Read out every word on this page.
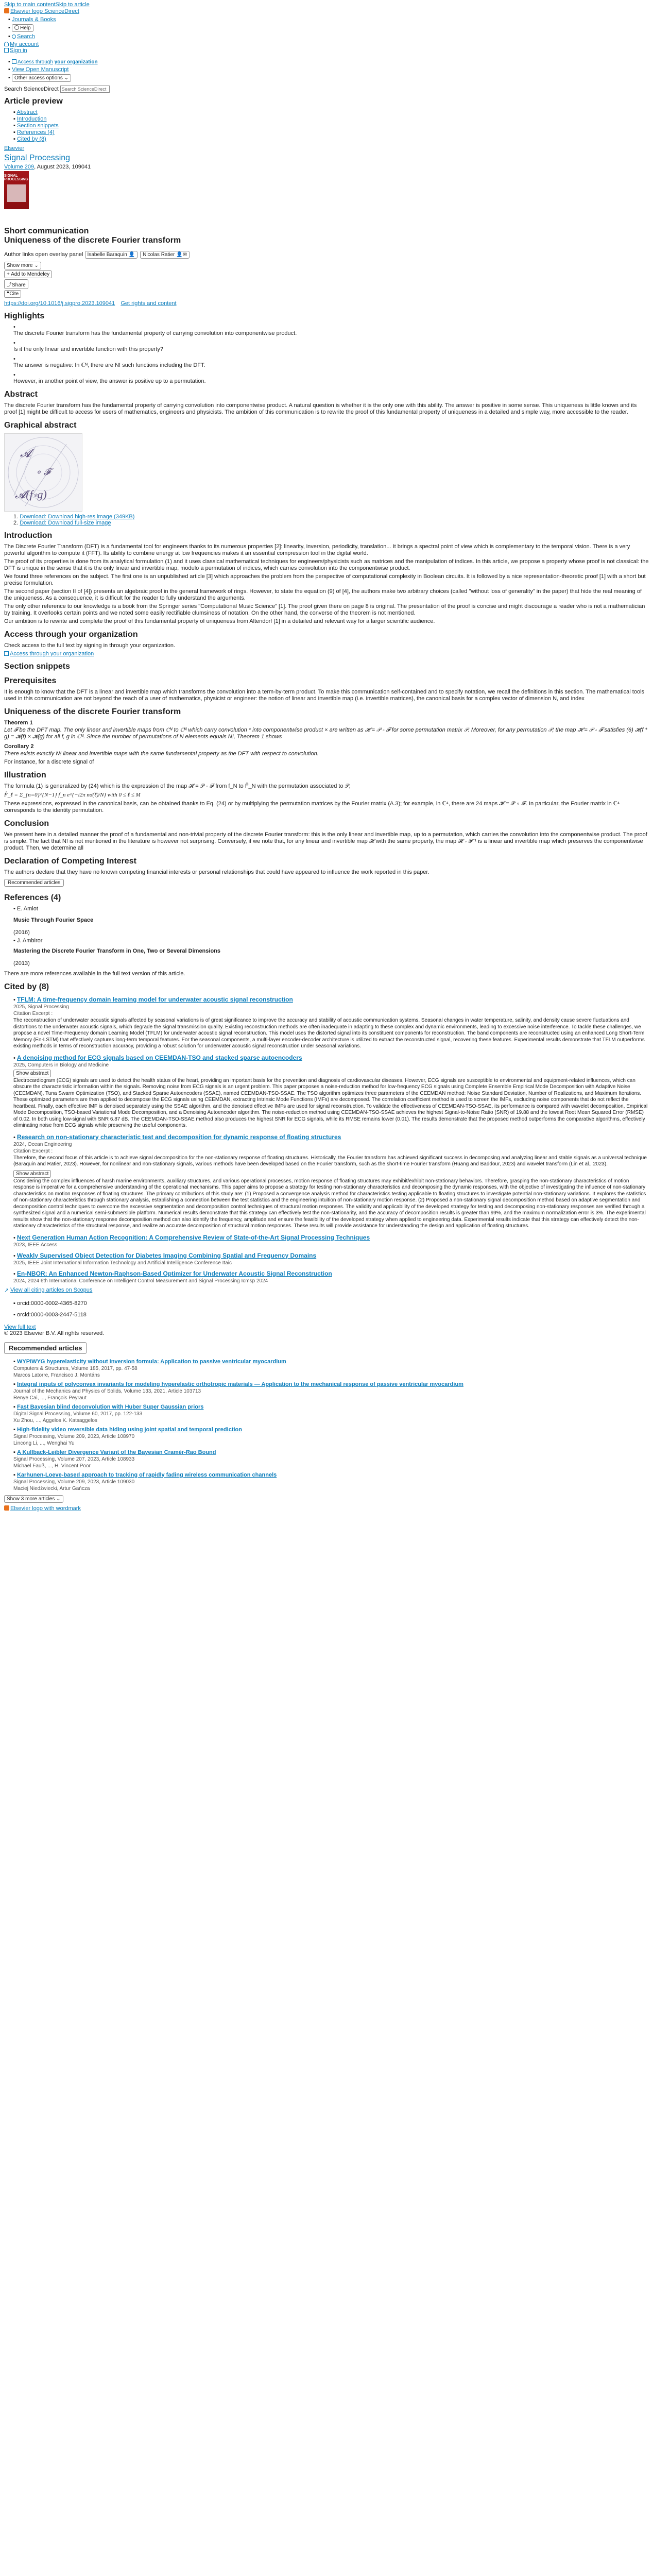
Skip to main contentSkip to article
Elsevier logo ScienceDirect
▪ Journals & Books
▪ Help
▪ Search
My account
Sign in
▪ Access through your organization
▪ View Open Manuscript
▪ Other access options ⌄
Search ScienceDirect Search ScienceDirect
Article preview
▪ Abstract
▪ Introduction
▪ Section snippets
▪ References (4)
▪ Cited by (8)
Elsevier
Signal Processing
Volume 209, August 2023, 109041
SIGNAL PROCESSING
Short communication
Uniqueness of the discrete Fourier transform
Author links open overlay panel Isabelle Baraquin 👤 Nicolas Ratier 👤✉
Show more ⌄
+ Add to Mendeley
⤴Share
❝Cite
https://doi.org/10.1016/j.sigpro.2023.109041 Get rights and content
Highlights
•

The discrete Fourier transform has the fundamental property of carrying convolution into componentwise product.

•

Is it the only linear and invertible function with this property?

•

The answer is negative: In ℂᴺ, there are N! such functions including the DFT.

•

However, in another point of view, the answer is positive up to a permutation.

Abstract

The discrete Fourier transform has the fundamental property of carrying convolution into componentwise product. A natural question is whether it is the only one with this ability. The answer is positive in some sense. This uniqueness is little known and its proof [1] might be difficult to access for users of mathematics, engineers and physicists. The ambition of this communication is to rewrite the proof of this fundamental property of uniqueness in a detailed and simple way, more accessible to the reader.

Graphical abstract
𝓐
∘ 𝓕
𝓐(f∗g)
1. Download: Download high-res image (349KB)
2. Download: Download full-size image
Introduction

The Discrete Fourier Transform (DFT) is a fundamental tool for engineers thanks to its numerous properties [2]: linearity, inversion, periodicity, translation... It brings a spectral point of view which is complementary to the temporal vision. There is a very powerful algorithm to compute it (FFT). Its ability to combine energy at low frequencies makes it an essential compression tool in the digital world.

The proof of its properties is done from its analytical formulation (1) and it uses classical mathematical techniques for engineers/physicists such as matrices and the manipulation of indices. In this article, we propose a property whose proof is not classical: the DFT is unique in the sense that it is the only linear and invertible map, modulo a permutation of indices, which carries convolution into the componentwise product.

We found three references on the subject. The first one is an unpublished article [3] which approaches the problem from the perspective of computational complexity in Boolean circuits. It is followed by a nice representation-theoretic proof [1] with a short but precise formulation.

The second paper (section II of [4]) presents an algebraic proof in the general framework of rings. However, to state the equation (9) of [4], the authors make two arbitrary choices (called "without loss of generality" in the paper) that hide the real meaning of the uniqueness. As a consequence, it is difficult for the reader to fully understand the arguments.

The only other reference to our knowledge is a book from the Springer series "Computational Music Science" [1]. The proof given there on page 8 is original. The presentation of the proof is concise and might discourage a reader who is not a mathematician by training. It overlooks certain points and we noted some easily rectifiable clumsiness of notation. On the other hand, the converse of the theorem is not mentioned.

Our ambition is to rewrite and complete the proof of this fundamental property of uniqueness from Altendorf [1] in a detailed and relevant way for a larger scientific audience.

Access through your organization

Check access to the full text by signing in through your organization.

Access through your organization
Section snippets
Prerequisites

It is enough to know that the DFT is a linear and invertible map which transforms the convolution into a term-by-term product. To make this communication self-contained and to specify notation, we recall the definitions in this section. The mathematical tools used in this communication are not beyond the reach of a user of mathematics, physicist or engineer: the notion of linear and invertible map (i.e. invertible matrices), the canonical basis for a complex vector of dimension N, and index

Uniqueness of the discrete Fourier transform
Theorem 1

Let 𝓕 be the DFT map. The only linear and invertible maps from ℂᴺ to ℂᴺ which carry convolution * into componentwise product × are written as 𝓗 = 𝒫 ∘ 𝓕 for some permutation matrix 𝒫. Moreover, for any permutation 𝒫, the map 𝓗 = 𝒫 ∘ 𝓕 satisfies (6) 𝓗(f * g) = 𝓗(f) × 𝓗(g) for all f, g in ℂᴺ. Since the number of permutations of N elements equals N!, Theorem 1 shows

Corollary 2

There exists exactly N! linear and invertible maps with the same fundamental property as the DFT with respect to convolution.

For instance, for a discrete signal of

Illustration

The formula (1) is generalized by (24) which is the expression of the map 𝓗 = 𝒫 ∘ 𝓕 from f_N to F̂_N with the permutation associated to 𝒫,

F̂_ℓ = Σ_{n=0}^{N−1} f_n e^{−i2π nσ(ℓ)/N} with 0 ≤ ℓ ≤ M

These expressions, expressed in the canonical basis, can be obtained thanks to Eq. (24) or by multiplying the permutation matrices by the Fourier matrix (A.3); for example, in ℂ⁴, there are 24 maps 𝓗 = 𝒫 ∘ 𝓕. In particular, the Fourier matrix in ℂ⁴ corresponds to the identity permutation.

Conclusion

We present here in a detailed manner the proof of a fundamental and non-trivial property of the discrete Fourier transform: this is the only linear and invertible map, up to a permutation, which carries the convolution into the componentwise product. The proof is simple. The fact that N! is not mentioned in the literature is however not surprising. Conversely, if we note that, for any linear and invertible map 𝓗 with the same property, the map 𝓗 ∘ 𝓕⁻¹ is a linear and invertible map which preserves the componentwise product. Then, we determine all

Declaration of Competing Interest

The authors declare that they have no known competing financial interests or personal relationships that could have appeared to influence the work reported in this paper.

Recommended articles
References (4)
• E. Amiot
Music Through Fourier Space
(2016)
• J. Ambiror
Mastering the Discrete Fourier Transform in One, Two or Several Dimensions
(2013)

There are more references available in the full text version of this article.

Cited by (8)
• TFLM: A time-frequency domain learning model for underwater acoustic signal reconstruction
2025, Signal Processing
Citation Excerpt :

The reconstruction of underwater acoustic signals affected by seasonal variations is of great significance to improve the accuracy and stability of acoustic communication systems. Seasonal changes in water temperature, salinity, and density cause severe fluctuations and distortions to the underwater acoustic signals, which degrade the signal transmission quality. Existing reconstruction methods are often inadequate in adapting to these complex and dynamic environments, leading to excessive noise interference. To tackle these challenges, we propose a novel Time-Frequency domain Learning Model (TFLM) for underwater acoustic signal reconstruction. This model uses the distorted signal into its constituent components for reconstruction. The band components are reconstructed using an enhanced Long Short-Term Memory (En-LSTM) that effectively captures long-term temporal features. For the seasonal components, a multi-layer encoder-decoder architecture is utilized to extract the reconstructed signal, recovering these features. Experimental results demonstrate that TFLM outperforms existing methods in terms of reconstruction accuracy, providing a robust solution for underwater acoustic signal reconstruction under seasonal variations.

• A denoising method for ECG signals based on CEEMDAN-TSO and stacked sparse autoencoders
2025, Computers in Biology and Medicine
Show abstract

Electrocardiogram (ECG) signals are used to detect the health status of the heart, providing an important basis for the prevention and diagnosis of cardiovascular diseases. However, ECG signals are susceptible to environmental and equipment-related influences, which can obscure the characteristic information within the signals. Removing noise from ECG signals is an urgent problem. This paper proposes a noise-reduction method for low-frequency ECG signals using Complete Ensemble Empirical Mode Decomposition with Adaptive Noise (CEEMDAN), Tuna Swarm Optimization (TSO), and Stacked Sparse Autoencoders (SSAE), named CEEMDAN-TSO-SSAE. The TSO algorithm optimizes three parameters of the CEEMDAN method: Noise Standard Deviation, Number of Realizations, and Maximum Iterations. These optimized parameters are then applied to decompose the ECG signals using CEEMDAN, extracting Intrinsic Mode Functions (IMFs) are decomposed. The correlation coefficient method is used to screen the IMFs, excluding noise components that do not reflect the heartbeat. Finally, each effective IMF is denoised separately using the SSAE algorithm, and the denoised effective IMFs are used for signal reconstruction. To validate the effectiveness of CEEMDAN-TSO-SSAE, its performance is compared with wavelet decomposition, Empirical Mode Decomposition, TSO-based Variational Mode Decomposition, and a Denoising Autoencoder algorithm. The noise-reduction method using CEEMDAN-TSO-SSAE achieves the highest Signal-to-Noise Ratio (SNR) of 19.88 and the lowest Root Mean Squared Error (RMSE) of 0.02. In both using low-signal with SNR 6.87 dB. The CEEMDAN-TSO-SSAE method also produces the highest SNR for ECG signals, while its RMSE remains lower (0.01). The results demonstrate that the proposed method outperforms the comparative algorithms, effectively eliminating noise from ECG signals while preserving the useful components.

• Research on non-stationary characteristic test and decomposition for dynamic response of floating structures
2024, Ocean Engineering
Citation Excerpt :

Therefore, the second focus of this article is to achieve signal decomposition for the non-stationary response of floating structures. Historically, the Fourier transform has achieved significant success in decomposing and analyzing linear and stable signals as a universal technique (Baraquin and Ratier, 2023). However, for nonlinear and non-stationary signals, various methods have been developed based on the Fourier transform, such as the short-time Fourier transform (Huang and Baddour, 2023) and wavelet transform (Lin et al., 2023).

Show abstract

Considering the complex influences of harsh marine environments, auxiliary structures, and various operational processes, motion response of floating structures may exhibit/exhibit non-stationary behaviors. Therefore, grasping the non-stationary characteristics of motion response is imperative for a comprehensive understanding of the operational mechanisms. This paper aims to propose a strategy for testing non-stationary characteristics and decomposing the dynamic responses, with the objective of investigating the influence of non-stationary characteristics on motion responses of floating structures. The primary contributions of this study are: (1) Proposed a convergence analysis method for characteristics testing applicable to floating structures to investigate potential non-stationary variations. It explores the statistics of non-stationary characteristics through stationary analysis, establishing a connection between the test statistics and the engineering intuition of non-stationary motion response. (2) Proposed a non-stationary signal decomposition method based on adaptive segmentation and decomposition control techniques to overcome the excessive segmentation and decomposition control techniques of structural motion responses. The validity and applicability of the developed strategy for testing and decomposing non-stationary responses are verified through a synthesized signal and a numerical semi-submersible platform. Numerical results demonstrate that this strategy can effectively test the non-stationarity, and the accuracy of decomposition results is greater than 99%, and the maximum normalization error is 3%. The experimental results show that the non-stationary response decomposition method can also identify the frequency, amplitude and ensure the feasibility of the developed strategy when applied to engineering data. Experimental results indicate that this strategy can effectively detect the non-stationary characteristics of the structural response, and realize an accurate decomposition of structural motion responses. These results will provide assistance for understanding the design and application of floating structures.

• Next Generation Human Action Recognition: A Comprehensive Review of State-of-the-Art Signal Processing Techniques
2023, IEEE Access
• Weakly Supervised Object Detection for Diabetes Imaging Combining Spatial and Frequency Domains
2025, IEEE Joint International Information Technology and Artificial Intelligence Conference Itaic
• En-NBOR: An Enhanced Newton-Raphson-Based Optimizer for Underwater Acoustic Signal Reconstruction
2024, 2024 6th International Conference on Intelligent Control Measurement and Signal Processing Icmsp 2024
↗ View all citing articles on Scopus
▪ orcid:0000-0002-4365-8270
▪ orcid:0000-0003-2447-5118
View full text
© 2023 Elsevier B.V. All rights reserved.
Recommended articles
▪ WYPIWYG hyperelasticity without inversion formula: Application to passive ventricular myocardium
Computers & Structures, Volume 185, 2017, pp. 47-58
Marcos Latorre, Francisco J. Montáns
▪ Integral inputs of polyconvex invariants for modeling hyperelastic orthotropic materials — Application to the mechanical response of passive ventricular myocardium
Journal of the Mechanics and Physics of Solids, Volume 133, 2021, Article 103713
Renye Cai, ..., François Peyraut
▪ Fast Bayesian blind deconvolution with Huber Super Gaussian priors
Digital Signal Processing, Volume 60, 2017, pp. 122-133
Xu Zhou, ..., Aggelos K. Katsaggelos
▪ High-fidelity video reversible data hiding using joint spatial and temporal prediction
Signal Processing, Volume 209, 2023, Article 108970
Lincong Li, ..., Wenghai Yu
▪ A Kullback-Leibler Divergence Variant of the Bayesian Cramér-Rao Bound
Signal Processing, Volume 207, 2023, Article 108933
Michael Fauß, ..., H. Vincent Poor
▪ Karhunen-Loeve-based approach to tracking of rapidly fading wireless communication channels
Signal Processing, Volume 209, 2023, Article 109030
Maciej Niedźwiecki, Artur Gańcza
Show 3 more articles ⌄
Elsevier logo with wordmark
